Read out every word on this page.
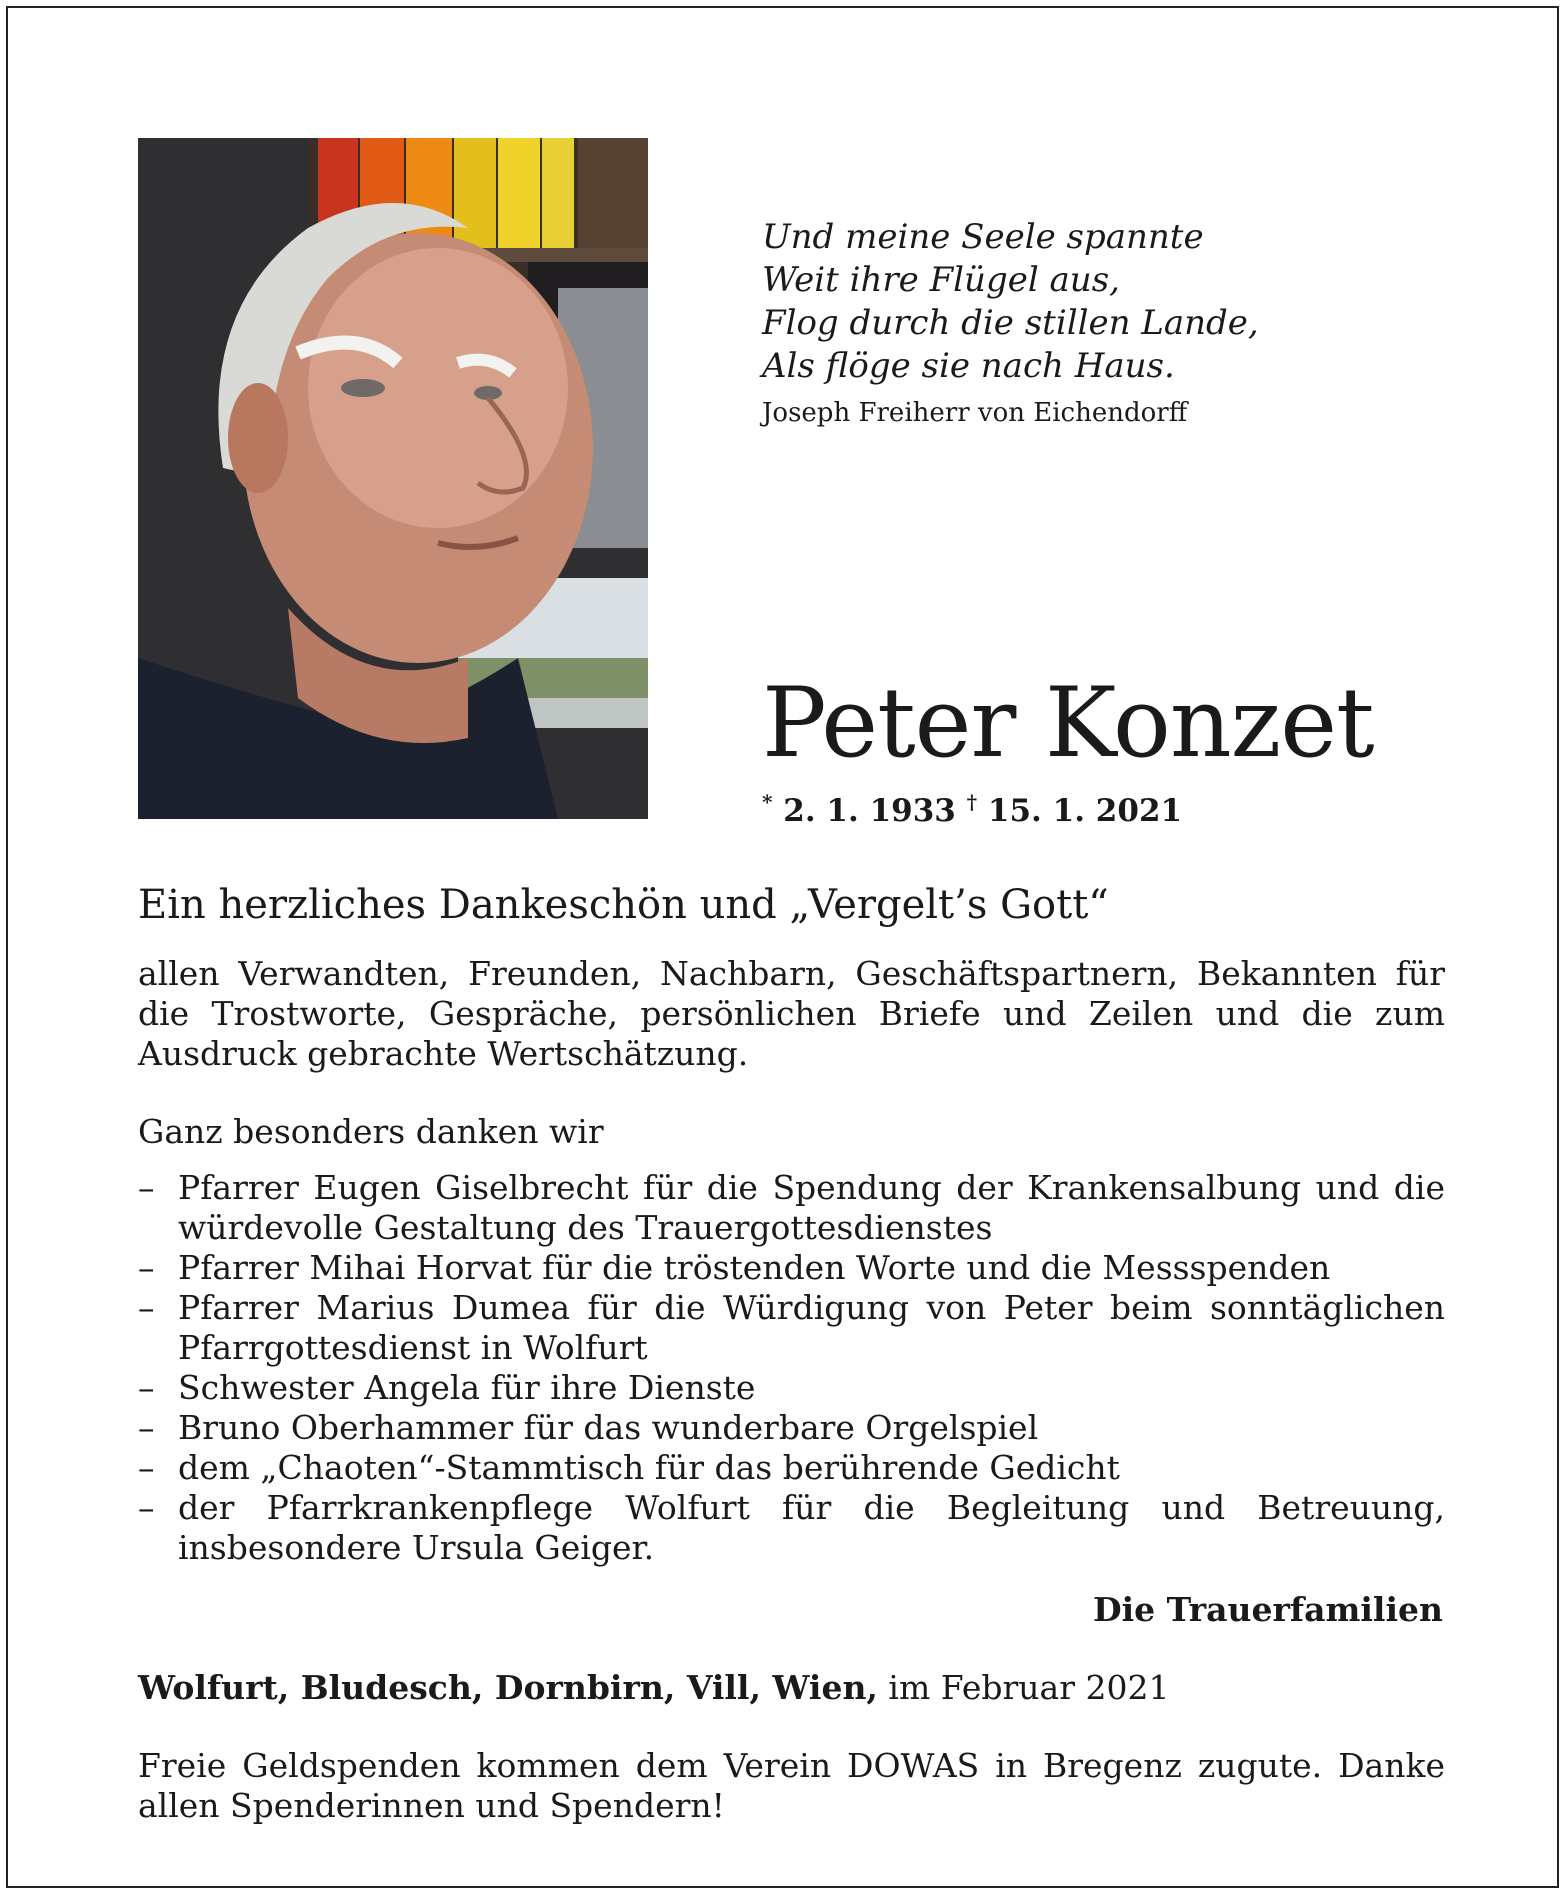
Und meine Seele spannte
Weit ihre Flügel aus,
Flog durch die stillen Lande,
Als flöge sie nach Haus.
Joseph Freiherr von Eichendorff
Peter Konzet
* 2. 1. 1933 † 15. 1. 2021
Ein herzliches Dankeschön und „Vergelt’s Gott“
allen Verwandten, Freunden, Nachbarn, Geschäftspartnern, Bekannten für die Trostworte, Gespräche, persönlichen Briefe und Zeilen und die zum Ausdruck gebrachte Wertschätzung.
Ganz besonders danken wir
– Pfarrer Eugen Giselbrecht für die Spendung der Krankensalbung und die würdevolle Gestaltung des Trauergottesdienstes
– Pfarrer Mihai Horvat für die tröstenden Worte und die Messspenden
– Pfarrer Marius Dumea für die Würdigung von Peter beim sonntäglichen Pfarrgottesdienst in Wolfurt
– Schwester Angela für ihre Dienste
– Bruno Oberhammer für das wunderbare Orgelspiel
– dem „Chaoten“-Stammtisch für das berührende Gedicht
– der Pfarrkrankenpflege Wolfurt für die Begleitung und Betreuung, insbesondere Ursula Geiger.
Die Trauerfamilien
Wolfurt, Bludesch, Dornbirn, Vill, Wien, im Februar 2021
Freie Geldspenden kommen dem Verein DOWAS in Bregenz zugute. Danke allen Spenderinnen und Spendern!
